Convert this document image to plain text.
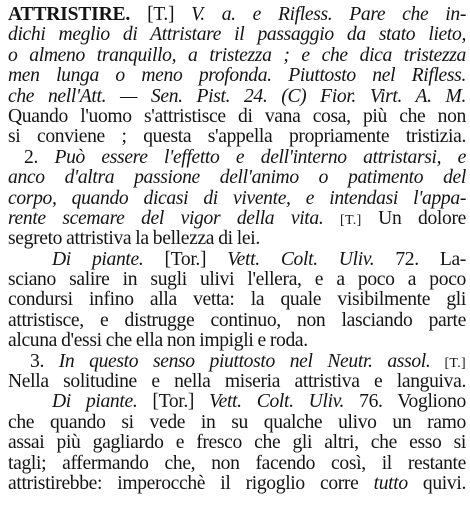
ATTRISTIRE. [T.] V. a. e Rifless. Pare che in-
dichi meglio di Attristare il passaggio da stato lieto,
o almeno tranquillo, a tristezza ; e che dica tristezza
men lunga o meno profonda. Piuttosto nel Rifless.
che nell'Att. — Sen. Pist. 24. (C) Fior. Virt. A. M.
Quando l'uomo s'attristisce di vana cosa, più che non
si conviene ; questa s'appella propriamente tristizia.
2. Può essere l'effetto e dell'interno attristarsi, e
anco d'altra passione dell'animo o patimento del
corpo, quando dicasi di vivente, e intendasi l'appa-
rente scemare del vigor della vita. [T.] Un dolore
segreto attristiva la bellezza di lei.
Di piante. [Tor.] Vett. Colt. Uliv. 72. La-
sciano salire in sugli ulivi l'ellera, e a poco a poco
condursi infino alla vetta: la quale visibilmente gli
attristisce, e distrugge continuo, non lasciando parte
alcuna d'essi che ella non impigli e roda.
3. In questo senso piuttosto nel Neutr. assol. [T.]
Nella solitudine e nella miseria attristiva e languiva.
Di piante. [Tor.] Vett. Colt. Uliv. 76. Vogliono
che quando si vede in su qualche ulivo un ramo
assai più gagliardo e fresco che gli altri, che esso si
tagli; affermando che, non facendo così, il restante
attristirebbe: imperocchè il rigoglio corre tutto quivi.
